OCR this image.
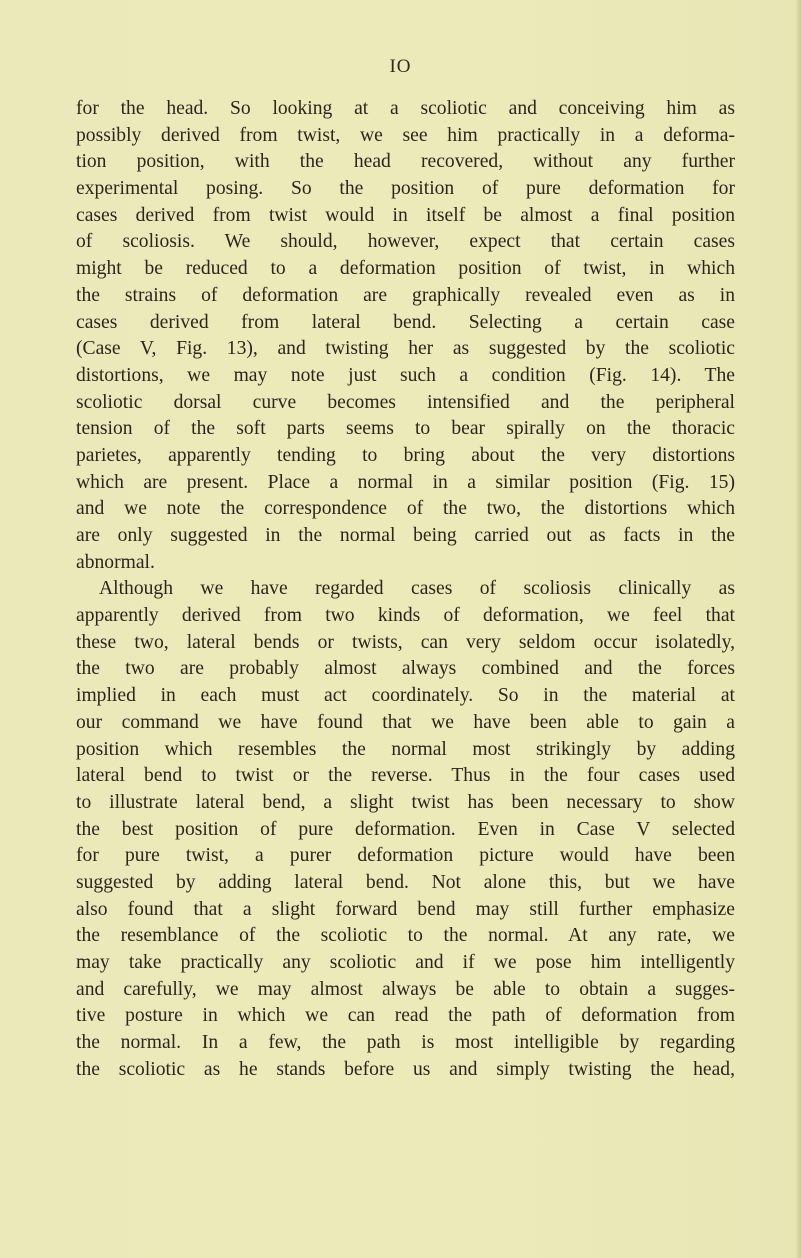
IO
for the head. So looking at a scoliotic and conceiving him as
possibly derived from twist, we see him practically in a deforma-
tion position, with the head recovered, without any further
experimental posing. So the position of pure deformation for
cases derived from twist would in itself be almost a final position
of scoliosis. We should, however, expect that certain cases
might be reduced to a deformation position of twist, in which
the strains of deformation are graphically revealed even as in
cases derived from lateral bend. Selecting a certain case
(Case V, Fig. 13), and twisting her as suggested by the scoliotic
distortions, we may note just such a condition (Fig. 14). The
scoliotic dorsal curve becomes intensified and the peripheral
tension of the soft parts seems to bear spirally on the thoracic
parietes, apparently tending to bring about the very distortions
which are present. Place a normal in a similar position (Fig. 15)
and we note the correspondence of the two, the distortions which
are only suggested in the normal being carried out as facts in the
abnormal.
Although we have regarded cases of scoliosis clinically as
apparently derived from two kinds of deformation, we feel that
these two, lateral bends or twists, can very seldom occur isolatedly,
the two are probably almost always combined and the forces
implied in each must act coordinately. So in the material at
our command we have found that we have been able to gain a
position which resembles the normal most strikingly by adding
lateral bend to twist or the reverse. Thus in the four cases used
to illustrate lateral bend, a slight twist has been necessary to show
the best position of pure deformation. Even in Case V selected
for pure twist, a purer deformation picture would have been
suggested by adding lateral bend. Not alone this, but we have
also found that a slight forward bend may still further emphasize
the resemblance of the scoliotic to the normal. At any rate, we
may take practically any scoliotic and if we pose him intelligently
and carefully, we may almost always be able to obtain a sugges-
tive posture in which we can read the path of deformation from
the normal. In a few, the path is most intelligible by regarding
the scoliotic as he stands before us and simply twisting the head,
